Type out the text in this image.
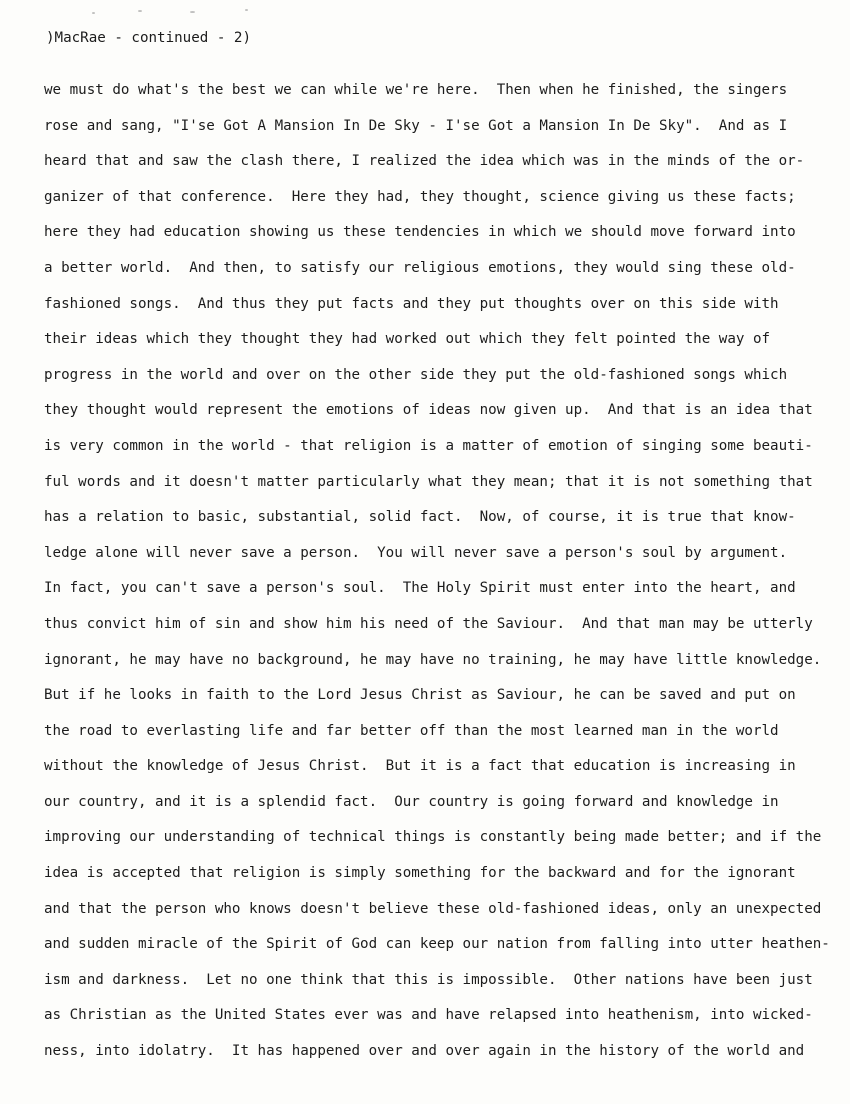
)MacRae - continued - 2)
we must do what's the best we can while we're here.  Then when he finished, the singers
rose and sang, "I'se Got A Mansion In De Sky - I'se Got a Mansion In De Sky".  And as I
heard that and saw the clash there, I realized the idea which was in the minds of the or-
ganizer of that conference.  Here they had, they thought, science giving us these facts;
here they had education showing us these tendencies in which we should move forward into
a better world.  And then, to satisfy our religious emotions, they would sing these old-
fashioned songs.  And thus they put facts and they put thoughts over on this side with
their ideas which they thought they had worked out which they felt pointed the way of
progress in the world and over on the other side they put the old-fashioned songs which
they thought would represent the emotions of ideas now given up.  And that is an idea that
is very common in the world - that religion is a matter of emotion of singing some beauti-
ful words and it doesn't matter particularly what they mean; that it is not something that
has a relation to basic, substantial, solid fact.  Now, of course, it is true that know-
ledge alone will never save a person.  You will never save a person's soul by argument.
In fact, you can't save a person's soul.  The Holy Spirit must enter into the heart, and
thus convict him of sin and show him his need of the Saviour.  And that man may be utterly
ignorant, he may have no background, he may have no training, he may have little knowledge.
But if he looks in faith to the Lord Jesus Christ as Saviour, he can be saved and put on
the road to everlasting life and far better off than the most learned man in the world
without the knowledge of Jesus Christ.  But it is a fact that education is increasing in
our country, and it is a splendid fact.  Our country is going forward and knowledge in
improving our understanding of technical things is constantly being made better; and if the
idea is accepted that religion is simply something for the backward and for the ignorant
and that the person who knows doesn't believe these old-fashioned ideas, only an unexpected
and sudden miracle of the Spirit of God can keep our nation from falling into utter heathen-
ism and darkness.  Let no one think that this is impossible.  Other nations have been just
as Christian as the United States ever was and have relapsed into heathenism, into wicked-
ness, into idolatry.  It has happened over and over again in the history of the world and
